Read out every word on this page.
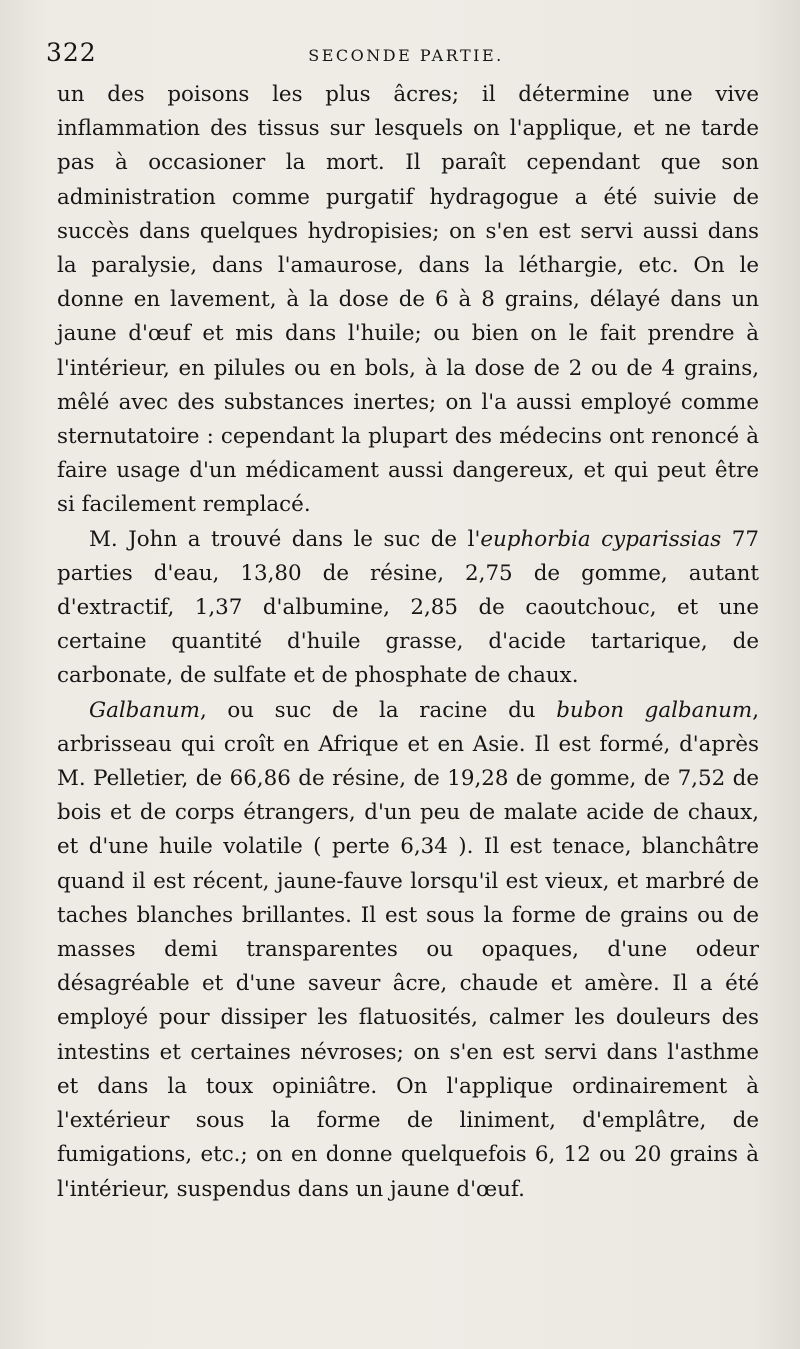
322	SECONDE PARTIE.

un des poisons les plus âcres; il détermine une vive inflammation des tissus sur lesquels on l'applique, et ne tarde pas à occasioner la mort. Il paraît cependant que son administration comme purgatif hydragogue a été suivie de succès dans quelques hydropisies; on s'en est servi aussi dans la paralysie, dans l'amaurose, dans la léthargie, etc. On le donne en lavement, à la dose de 6 à 8 grains, délayé dans un jaune d'œuf et mis dans l'huile; ou bien on le fait prendre à l'intérieur, en pilules ou en bols, à la dose de 2 ou de 4 grains, mêlé avec des substances inertes; on l'a aussi employé comme sternutatoire : cependant la plupart des médecins ont renoncé à faire usage d'un médicament aussi dangereux, et qui peut être si facilement remplacé.

M. John a trouvé dans le suc de l'euphorbia cyparissias 77 parties d'eau, 13,80 de résine, 2,75 de gomme, autant d'extractif, 1,37 d'albumine, 2,85 de caoutchouc, et une certaine quantité d'huile grasse, d'acide tartarique, de carbonate, de sulfate et de phosphate de chaux.

Galbanum, ou suc de la racine du bubon galbanum, arbrisseau qui croît en Afrique et en Asie. Il est formé, d'après M. Pelletier, de 66,86 de résine, de 19,28 de gomme, de 7,52 de bois et de corps étrangers, d'un peu de malate acide de chaux, et d'une huile volatile ( perte 6,34 ). Il est tenace, blanchâtre quand il est récent, jaune-fauve lorsqu'il est vieux, et marbré de taches blanches brillantes. Il est sous la forme de grains ou de masses demi transparentes ou opaques, d'une odeur désagréable et d'une saveur âcre, chaude et amère. Il a été employé pour dissiper les flatuosités, calmer les douleurs des intestins et certaines névroses; on s'en est servi dans l'asthme et dans la toux opiniâtre. On l'applique ordinairement à l'extérieur sous la forme de liniment, d'emplâtre, de fumigations, etc.; on en donne quelquefois 6, 12 ou 20 grains à l'intérieur, suspendus dans un jaune d'œuf.
